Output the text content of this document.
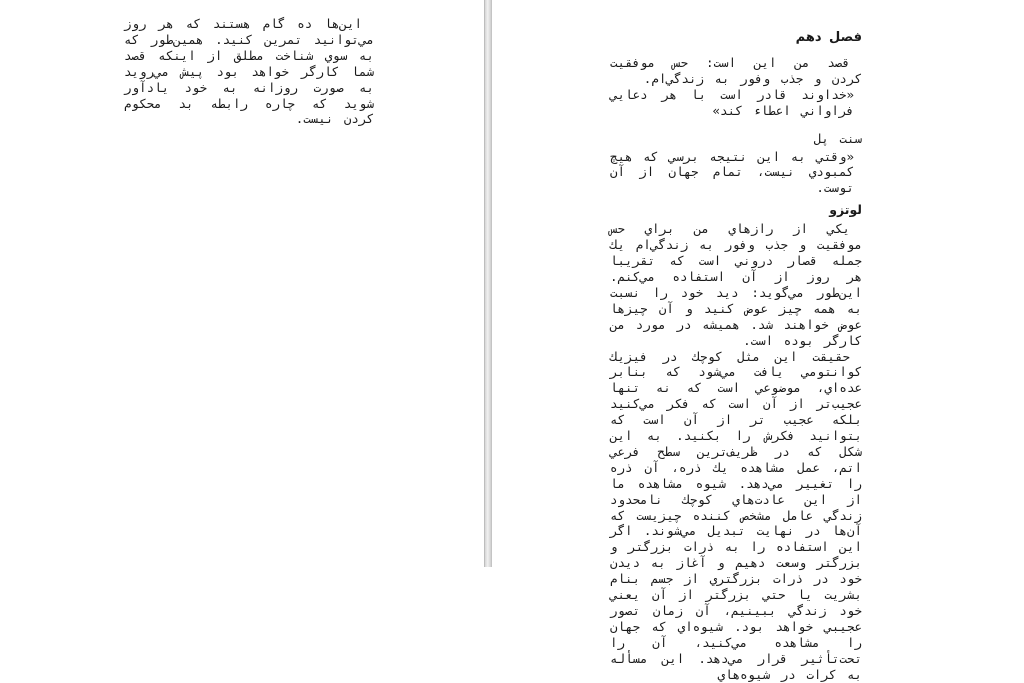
اين‌ها ده گام هستند كه هر روز مي‌توانيد تمرين كنيد. همين‌طور كه به سوي شناخت مطلق از اينكه قصد شما كارگر خواهد بود پيش مي‌رويد به صورت روزانه به خود يادآور شويد كه چاره رابطه بد محكوم كردن نيست.

فصل دهم

قصد من اين است: حس موفقيت كردن و جذب وفور به زندگي‌ام.

«خداوند قادر است با هر دعايي فراواني اعطاء كند»

سنت پل

«وقتي به اين نتيجه برسي كه هيچ كمبودي نيست، تمام جهان از آن توست.

لوتزو

يكي از رازهاي من براي حس موفقيت و جذب وفور به زندگي‌ام يك جمله قصار دروني است كه تقريبا هر روز از آن استفاده مي‌كنم. اين‌طور مي‌گويد: ديد خود را نسبت به همه چيز عوض كنيد و آن چيزها عوض خواهند شد. هميشه در مورد من كارگر بوده است.

حقيقت اين مثل كوچك در فيزيك كوانتومي يافت مي‌شود كه بنابر عده‌اي، موضوعي است كه نه تنها عجيب‌تر از آن است كه فكر مي‌كنيد بلكه عجيب تر از آن است كه بتوانيد فكرش را بكنيد. به اين شكل كه در ظريف‌ترين سطح فرعي اتم، عمل مشاهده يك ذره، آن ذره را تغيير مي‌دهد. شيوه مشاهده ما از اين عادت‌هاي كوچك نامحدود زندگي عامل مشخص كننده چيزيست كه آن‌ها در نهايت تبديل مي‌شوند. اگر اين استفاده را به ذرات بزرگتر و بزرگتر وسعت دهيم و آغاز به ديدن خود در ذرات بزرگتري از جسم بنام بشريت يا حتي بزرگتر از آن يعني خود زندگي ببينيم، آن زمان تصور عجيبي خواهد بود. شيوه‌اي كه جهان را مشاهده مي‌كنيد، آن را تحت‌تأثير قرار مي‌دهد. اين مسأله به كرات در شيوه‌هاي
